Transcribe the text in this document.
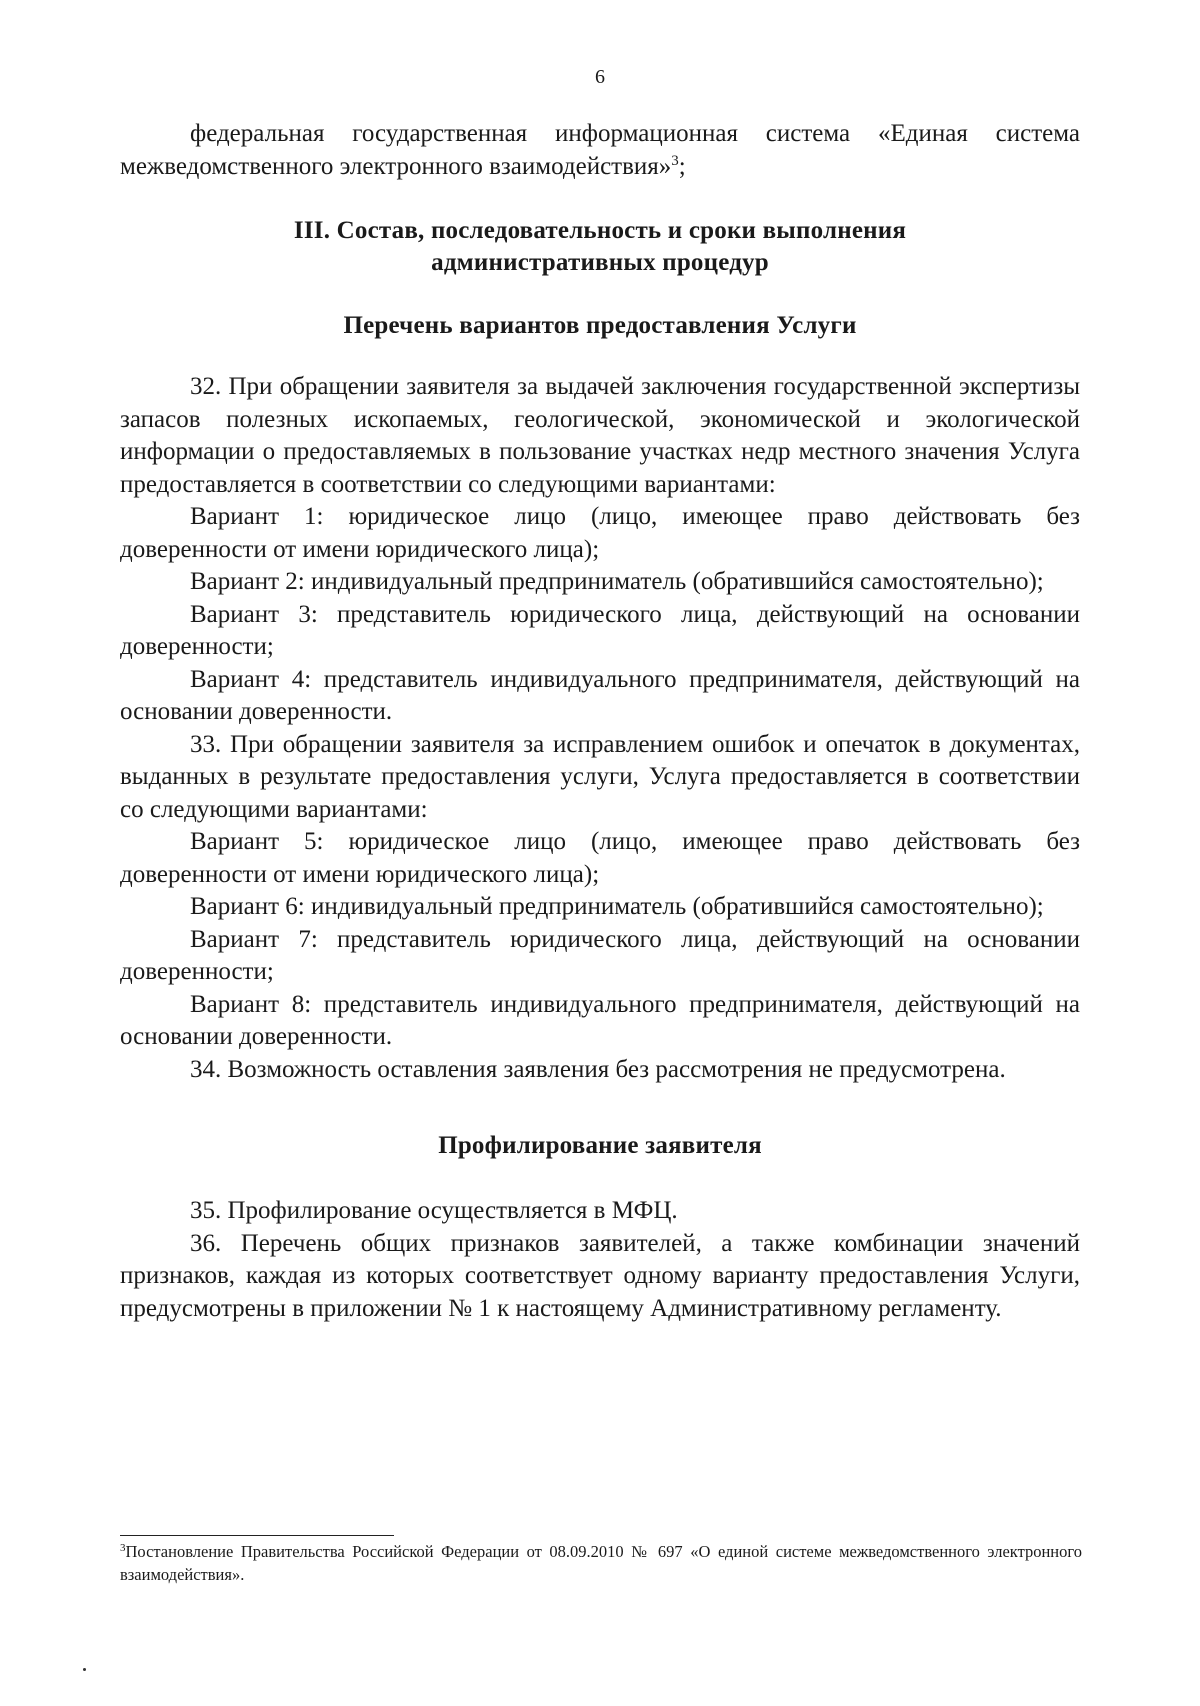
6

федеральная государственная информационная система «Единая система межведомственного электронного взаимодействия»$^3$;

III. Состав, последовательность и сроки выполнения административных процедур
Перечень вариантов предоставления Услуги

32. При обращении заявителя за выдачей заключения государственной экспертизы запасов полезных ископаемых, геологической, экономической и экологической информации о предоставляемых в пользование участках недр местного значения Услуга предоставляется в соответствии со следующими вариантами:

Вариант 1: юридическое лицо (лицо, имеющее право действовать без доверенности от имени юридического лица);

Вариант 2: индивидуальный предприниматель (обратившийся самостоятельно);

Вариант 3: представитель юридического лица, действующий на основании доверенности;

Вариант 4: представитель индивидуального предпринимателя, действующий на основании доверенности.

33. При обращении заявителя за исправлением ошибок и опечаток в документах, выданных в результате предоставления услуги, Услуга предоставляется в соответствии со следующими вариантами:

Вариант 5: юридическое лицо (лицо, имеющее право действовать без доверенности от имени юридического лица);

Вариант 6: индивидуальный предприниматель (обратившийся самостоятельно);

Вариант 7: представитель юридического лица, действующий на основании доверенности;

Вариант 8: представитель индивидуального предпринимателя, действующий на основании доверенности.

34. Возможность оставления заявления без рассмотрения не предусмотрена.

Профилирование заявителя

35. Профилирование осуществляется в МФЦ.

36. Перечень общих признаков заявителей, а также комбинации значений признаков, каждая из которых соответствует одному варианту предоставления Услуги, предусмотрены в приложении № 1 к настоящему Административному регламенту.

$^3$Постановление Правительства Российской Федерации от 08.09.2010 № 697 «О единой системе межведомственного электронного взаимодействия».
